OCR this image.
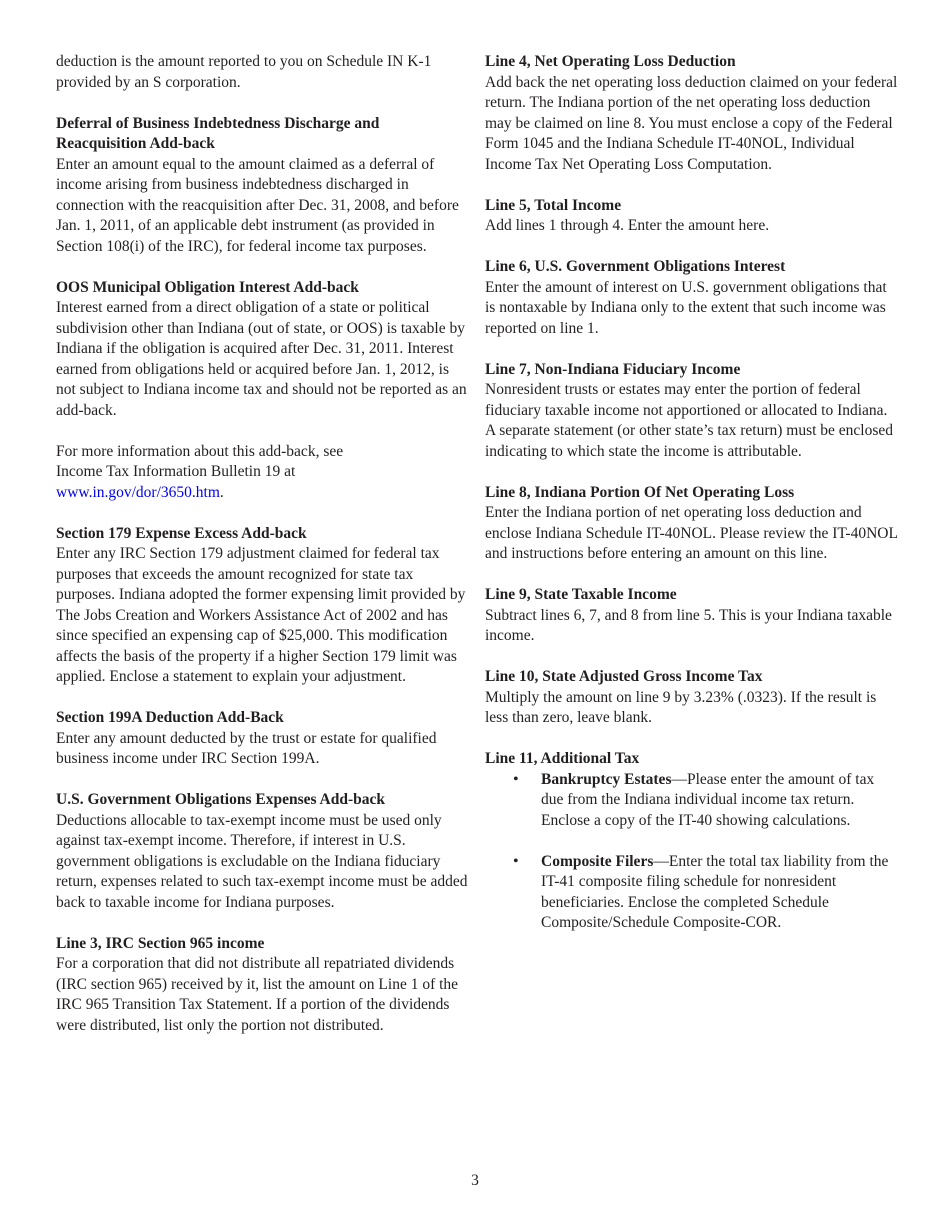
deduction is the amount reported to you on Schedule IN K-1 provided by an S corporation.

Deferral of Business Indebtedness Discharge and Reacquisition Add-back

Enter an amount equal to the amount claimed as a deferral of income arising from business indebtedness discharged in connection with the reacquisition after Dec. 31, 2008, and before Jan. 1, 2011, of an applicable debt instrument (as provided in Section 108(i) of the IRC), for federal income tax purposes.

OOS Municipal Obligation Interest Add-back

Interest earned from a direct obligation of a state or political subdivision other than Indiana (out of state, or OOS) is taxable by Indiana if the obligation is acquired after Dec. 31, 2011. Interest earned from obligations held or acquired before Jan. 1, 2012, is not subject to Indiana income tax and should not be reported as an add-back.

For more information about this add-back, see Income Tax Information Bulletin 19 at www.in.gov/dor/3650.htm.

Section 179 Expense Excess Add-back

Enter any IRC Section 179 adjustment claimed for federal tax purposes that exceeds the amount recognized for state tax purposes. Indiana adopted the former expensing limit provided by The Jobs Creation and Workers Assistance Act of 2002 and has since specified an expensing cap of $25,000. This modification affects the basis of the property if a higher Section 179 limit was applied. Enclose a statement to explain your adjustment.

Section 199A Deduction Add-Back

Enter any amount deducted by the trust or estate for qualified business income under IRC Section 199A.

U.S. Government Obligations Expenses Add-back

Deductions allocable to tax-exempt income must be used only against tax-exempt income. Therefore, if interest in U.S. government obligations is excludable on the Indiana fiduciary return, expenses related to such tax-exempt income must be added back to taxable income for Indiana purposes.

Line 3, IRC Section 965 income

For a corporation that did not distribute all repatriated dividends (IRC section 965) received by it, list the amount on Line 1 of the IRC 965 Transition Tax Statement. If a portion of the dividends were distributed, list only the portion not distributed.

Line 4, Net Operating Loss Deduction

Add back the net operating loss deduction claimed on your federal return. The Indiana portion of the net operating loss deduction may be claimed on line 8. You must enclose a copy of the Federal Form 1045 and the Indiana Schedule IT-40NOL, Individual Income Tax Net Operating Loss Computation.

Line 5, Total Income

Add lines 1 through 4. Enter the amount here.

Line 6, U.S. Government Obligations Interest

Enter the amount of interest on U.S. government obligations that is nontaxable by Indiana only to the extent that such income was reported on line 1.

Line 7, Non-Indiana Fiduciary Income

Nonresident trusts or estates may enter the portion of federal fiduciary taxable income not apportioned or allocated to Indiana. A separate statement (or other state’s tax return) must be enclosed indicating to which state the income is attributable.

Line 8, Indiana Portion Of Net Operating Loss

Enter the Indiana portion of net operating loss deduction and enclose Indiana Schedule IT-40NOL. Please review the IT-40NOL and instructions before entering an amount on this line.

Line 9, State Taxable Income

Subtract lines 6, 7, and 8 from line 5. This is your Indiana taxable income.

Line 10, State Adjusted Gross Income Tax

Multiply the amount on line 9 by 3.23% (.0323). If the result is less than zero, leave blank.

Line 11, Additional Tax

• Bankruptcy Estates—Please enter the amount of tax due from the Indiana individual income tax return. Enclose a copy of the IT-40 showing calculations.
• Composite Filers—Enter the total tax liability from the IT-41 composite filing schedule for nonresident beneficiaries. Enclose the completed Schedule Composite/Schedule Composite-COR.
3
